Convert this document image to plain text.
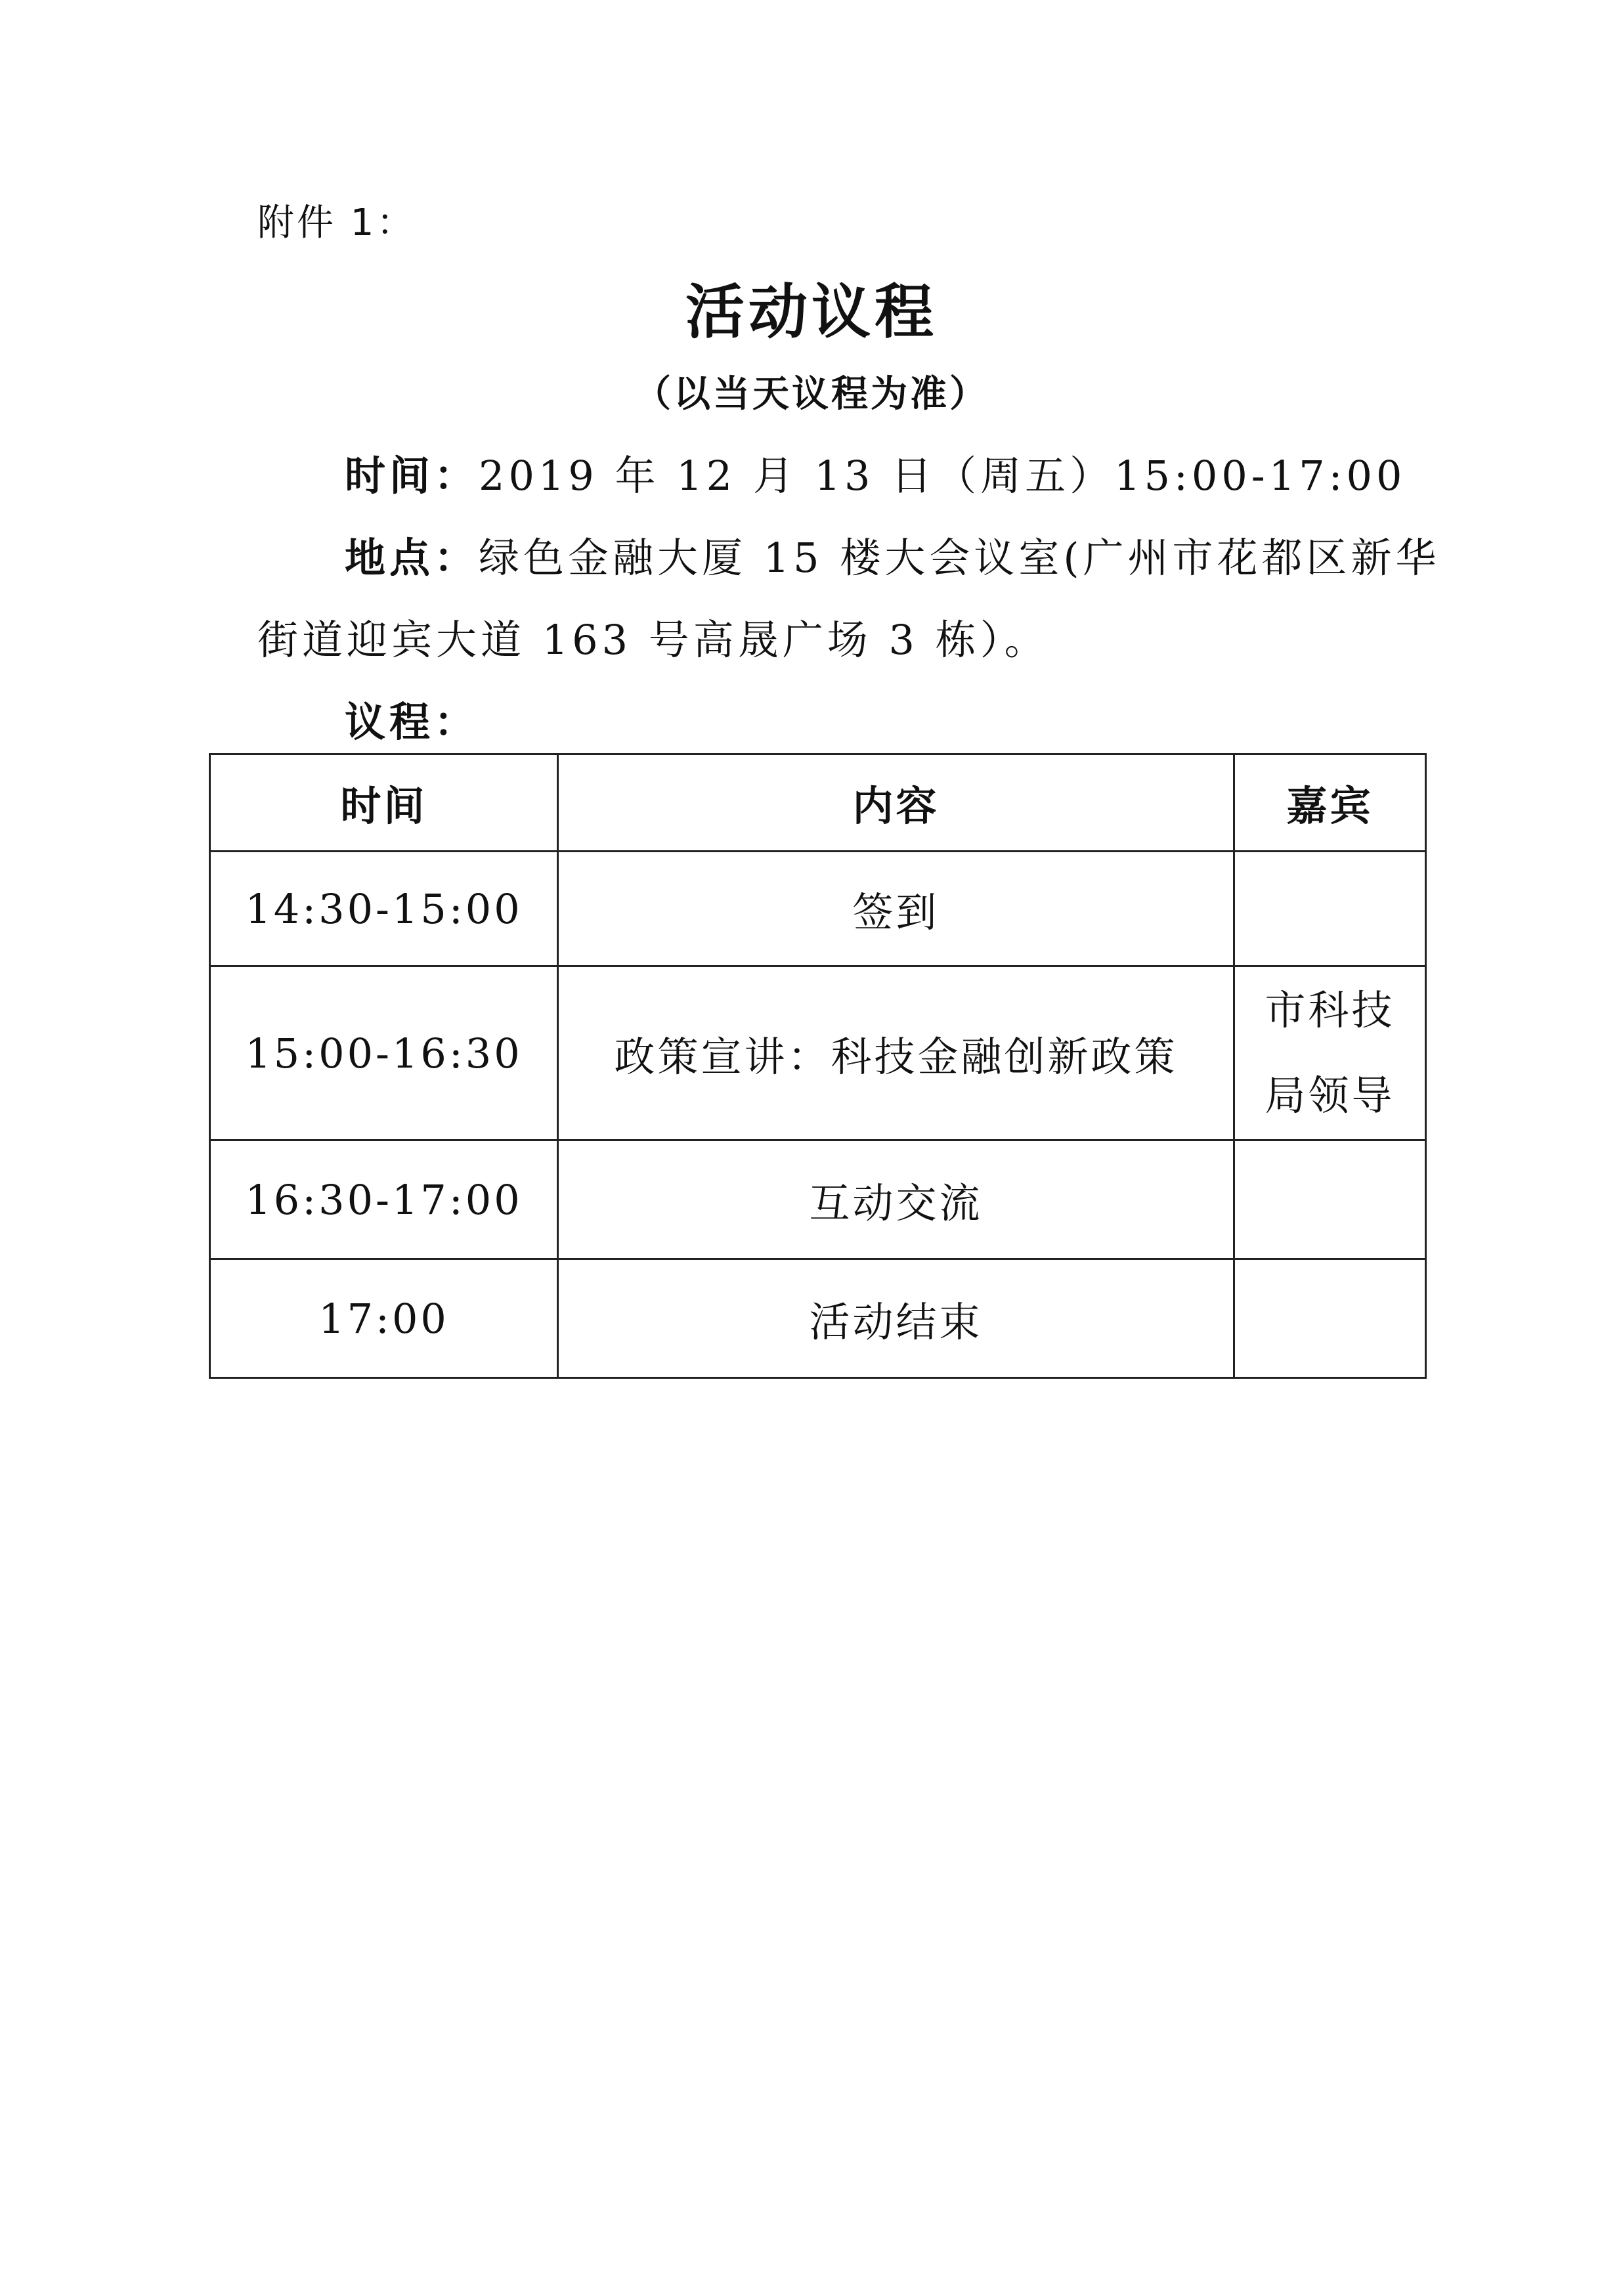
附件 1：
活动议程
（以当天议程为准）
时间：2019 年 12 月 13 日（周五）15:00-17:00
地点：绿色金融大厦 15 楼大会议室(广州市花都区新华
街道迎宾大道 163 号高晟广场 3 栋）。
议程：
时间	内容	嘉宾
14:30-15:00	签到	
15:00-16:30	政策宣讲：科技金融创新政策	市科技局领导
16:30-17:00	互动交流	
17:00	活动结束	
